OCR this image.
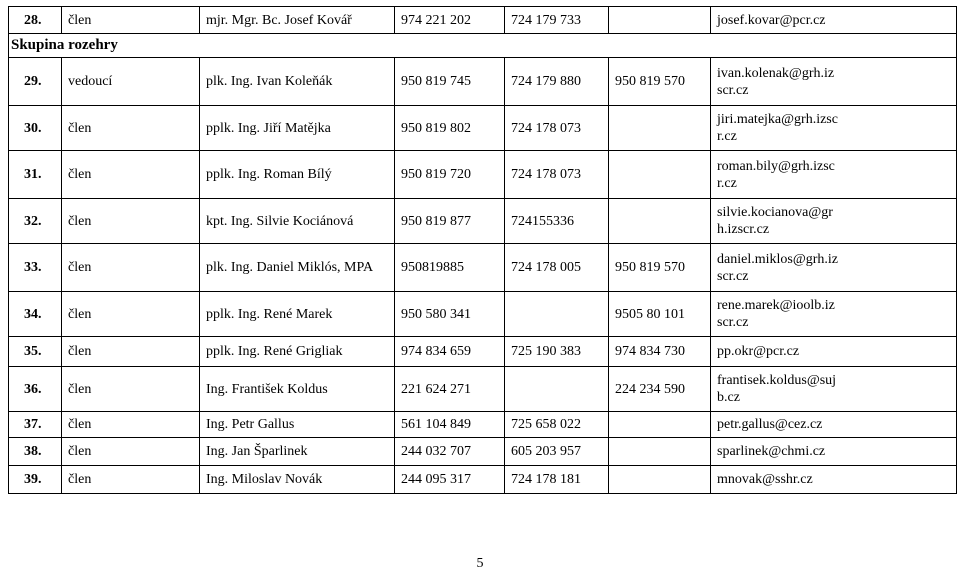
28.	člen	mjr. Mgr. Bc. Josef Kovář	974 221 202	724 179 733		josef.kovar@pcr.cz
Skupina rozehry						
29.	vedoucí	plk. Ing. Ivan Koleňák	950 819 745	724 179 880	950 819 570	ivan.kolenak@grh.iz
scr.cz

30.	člen	pplk. Ing. Jiří Matějka	950 819 802	724 178 073		jiri.matejka@grh.izsc
r.cz

31.	člen	pplk. Ing. Roman Bílý	950 819 720	724 178 073		roman.bily@grh.izsc
r.cz

32.	člen	kpt. Ing. Silvie Kociánová	950 819 877	724155336		silvie.kocianova@gr
h.izscr.cz

33.	člen	plk. Ing. Daniel Miklós, MPA	950819885	724 178 005	950 819 570	daniel.miklos@grh.iz
scr.cz

34.	člen	pplk. Ing. René Marek	950 580 341		9505 80 101	rene.marek@ioolb.iz
scr.cz

35.	člen	pplk. Ing. René Grigliak	974 834 659	725 190 383	974 834 730	pp.okr@pcr.cz

36.	člen	Ing. František Koldus	221 624 271		224 234 590	frantisek.koldus@suj
b.cz

37.	člen	Ing. Petr Gallus	561 104 849	725 658 022		petr.gallus@cez.cz

38.	člen	Ing. Jan Šparlinek	244 032 707	605 203 957		sparlinek@chmi.cz

39.	člen	Ing. Miloslav Novák	244 095 317	724 178 181		mnovak@sshr.cz
5
